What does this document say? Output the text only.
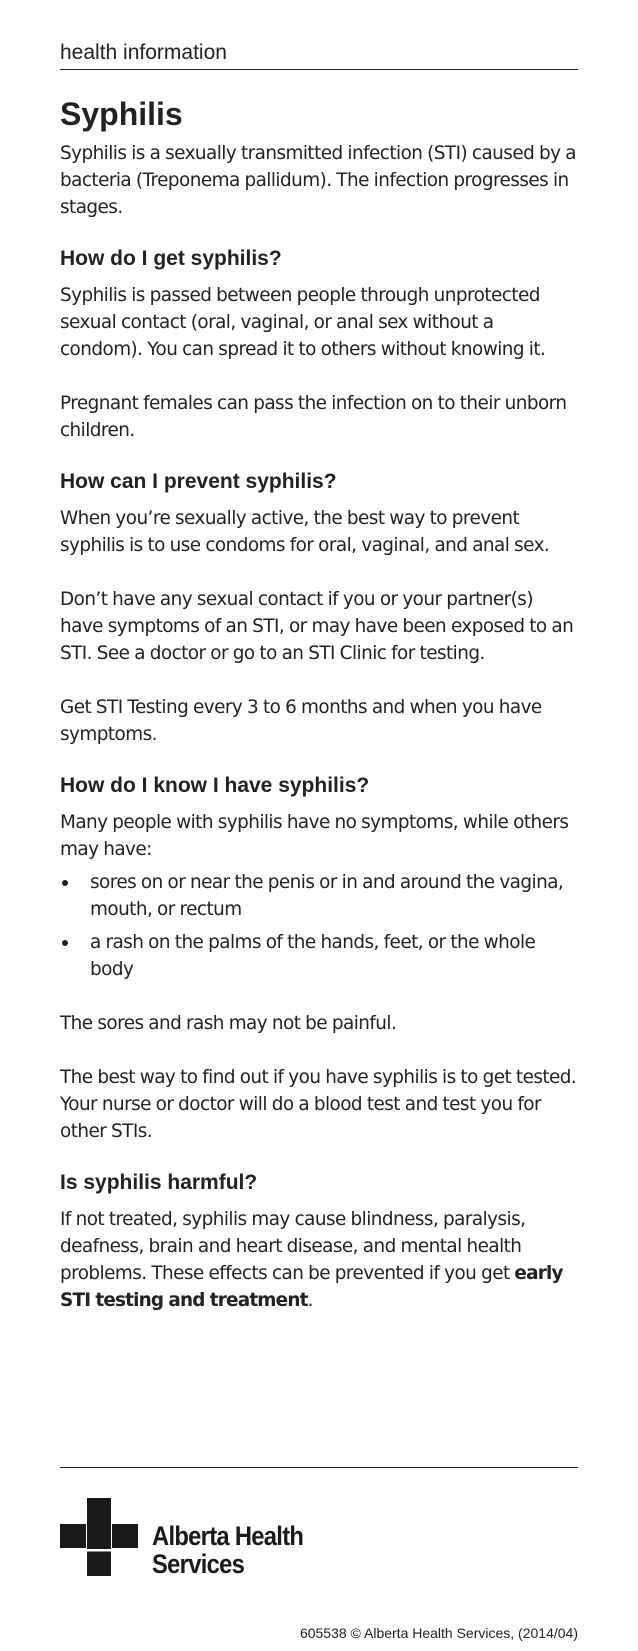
health information
Syphilis

Syphilis is a sexually transmitted infection (STI) caused by a bacteria (Treponema pallidum). The infection progresses in stages.

How do I get syphilis?

Syphilis is passed between people through unprotected sexual contact (oral, vaginal, or anal sex without a condom). You can spread it to others without knowing it.

Pregnant females can pass the infection on to their unborn children.

How can I prevent syphilis?

When you’re sexually active, the best way to prevent syphilis is to use condoms for oral, vaginal, and anal sex.

Don’t have any sexual contact if you or your partner(s) have symptoms of an STI, or may have been exposed to an STI. See a doctor or go to an STI Clinic for testing.

Get STI Testing every 3 to 6 months and when you have symptoms.

How do I know I have syphilis?

Many people with syphilis have no symptoms, while others may have:

sores on or near the penis or in and around the vagina, mouth, or rectum

a rash on the palms of the hands, feet, or the whole body

The sores and rash may not be painful.

The best way to find out if you have syphilis is to get tested. Your nurse or doctor will do a blood test and test you for other STIs.

Is syphilis harmful?

If not treated, syphilis may cause blindness, paralysis, deafness, brain and heart disease, and mental health problems. These effects can be prevented if you get early STI testing and treatment.

Alberta Health
Services
605538 © Alberta Health Services, (2014/04)
